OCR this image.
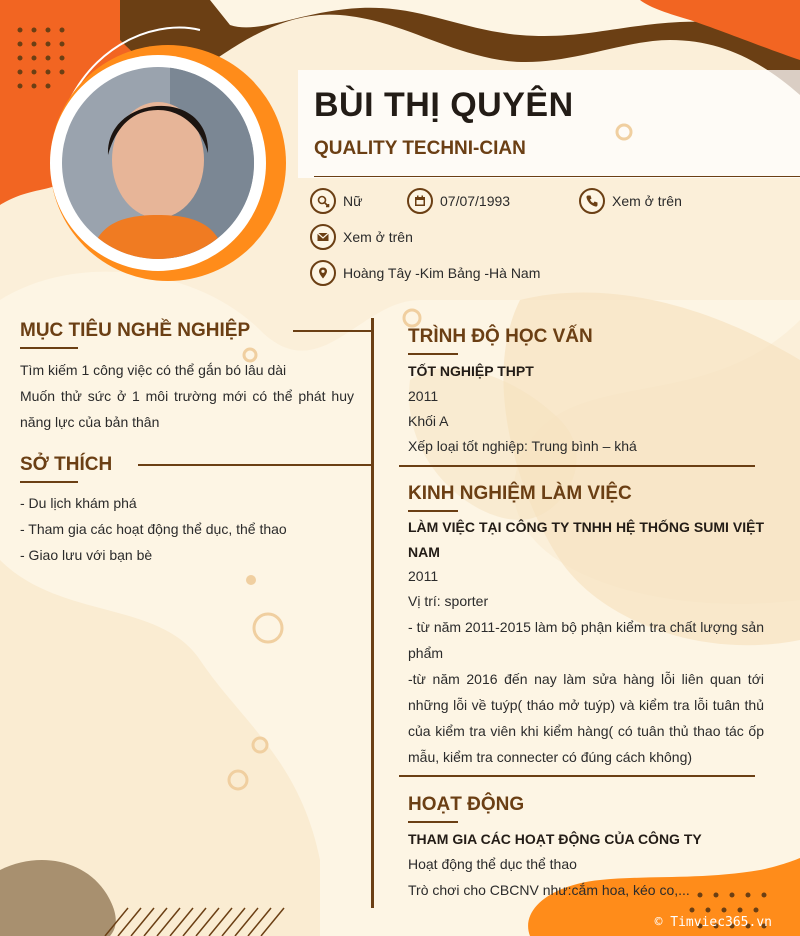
BÙI THỊ QUYÊN
QUALITY TECHNI-CIAN
Nữ	07/07/1993	Xem ở trên
Xem ở trên
Hoàng Tây -Kim Bảng -Hà Nam
MỤC TIÊU NGHỀ NGHIỆP
Tìm kiếm 1 công việc có thể gắn bó lâu dài
Muốn thử sức ở 1 môi trường mới có thể phát huy năng lực của bản thân
SỞ THÍCH
- Du lịch khám phá
- Tham gia các hoạt động thể dục, thể thao
- Giao lưu với bạn bè
TRÌNH ĐỘ HỌC VẤN
TỐT NGHIỆP THPT
2011
Khối A
Xếp loại tốt nghiệp: Trung bình – khá
KINH NGHIỆM LÀM VIỆC
LÀM VIỆC TẠI CÔNG TY TNHH HỆ THỐNG SUMI VIỆT NAM
2011
Vị trí: sporter
- từ năm 2011-2015 làm bộ phận kiểm tra chất lượng sản phẩm
-từ năm 2016 đến nay làm sửa hàng lỗi liên quan tới những lỗi về tuýp( tháo mở tuýp) và kiểm tra lỗi tuân thủ của kiểm tra viên khi kiểm hàng( có tuân thủ thao tác ốp mẫu, kiểm tra connecter có đúng cách không)
HOẠT ĐỘNG
THAM GIA CÁC HOẠT ĐỘNG CỦA CÔNG TY
Hoạt động thể dục thể thao
Trò chơi cho CBCNV như:cắm hoa, kéo co,...
© Timviec365.vn
